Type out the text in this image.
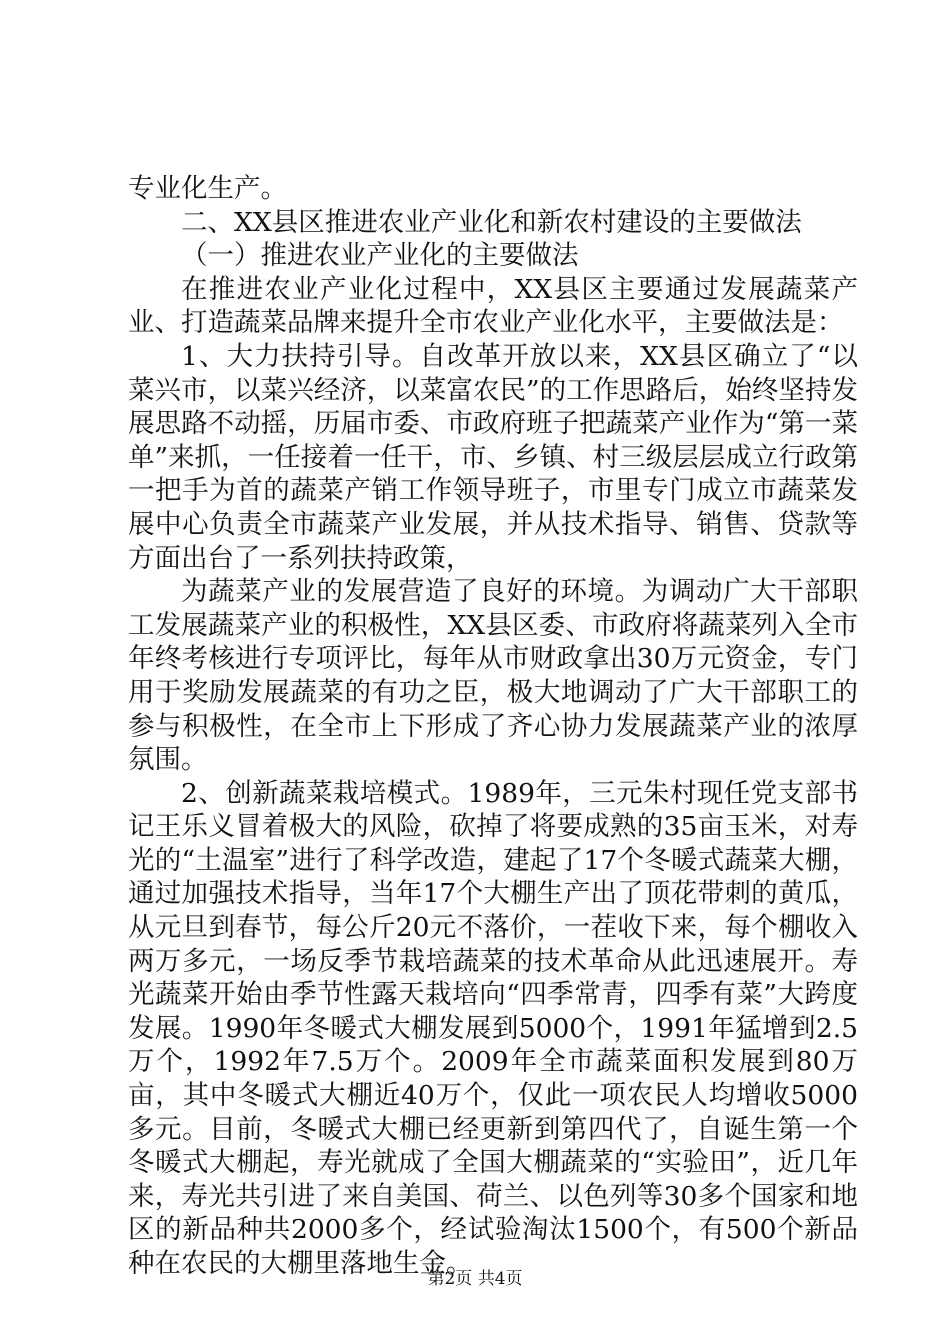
专业化生产。

二、XX县区推进农业产业化和新农村建设的主要做法

（一）推进农业产业化的主要做法

在推进农业产业化过程中，XX县区主要通过发展蔬菜产业、打造蔬菜品牌来提升全市农业产业化水平，主要做法是：

1、大力扶持引导。自改革开放以来，XX县区确立了“以菜兴市，以菜兴经济，以菜富农民”的工作思路后，始终坚持发展思路不动摇，历届市委、市政府班子把蔬菜产业作为“第一菜单”来抓，一任接着一任干，市、乡镇、村三级层层成立行政第一把手为首的蔬菜产销工作领导班子，市里专门成立市蔬菜发展中心负责全市蔬菜产业发展，并从技术指导、销售、贷款等方面出台了一系列扶持政策，

为蔬菜产业的发展营造了良好的环境。为调动广大干部职工发展蔬菜产业的积极性，XX县区委、市政府将蔬菜列入全市年终考核进行专项评比，每年从市财政拿出30万元资金，专门用于奖励发展蔬菜的有功之臣，极大地调动了广大干部职工的参与积极性，在全市上下形成了齐心协力发展蔬菜产业的浓厚氛围。

2、创新蔬菜栽培模式。1989年，三元朱村现任党支部书记王乐义冒着极大的风险，砍掉了将要成熟的35亩玉米，对寿光的“土温室”进行了科学改造，建起了17个冬暖式蔬菜大棚，通过加强技术指导，当年17个大棚生产出了顶花带刺的黄瓜，从元旦到春节，每公斤20元不落价，一茬收下来，每个棚收入两万多元，一场反季节栽培蔬菜的技术革命从此迅速展开。寿光蔬菜开始由季节性露天栽培向“四季常青，四季有菜”大跨度发展。1990年冬暖式大棚发展到5000个，1991年猛增到2.5万个，1992年7.5万个。2009年全市蔬菜面积发展到80万亩，其中冬暖式大棚近40万个，仅此一项农民人均增收5000多元。目前，冬暖式大棚已经更新到第四代了，自诞生第一个冬暖式大棚起，寿光就成了全国大棚蔬菜的“实验田”，近几年来，寿光共引进了来自美国、荷兰、以色列等30多个国家和地区的新品种共2000多个，经试验淘汰1500个，有500个新品种在农民的大棚里落地生金。

第2页 共4页
